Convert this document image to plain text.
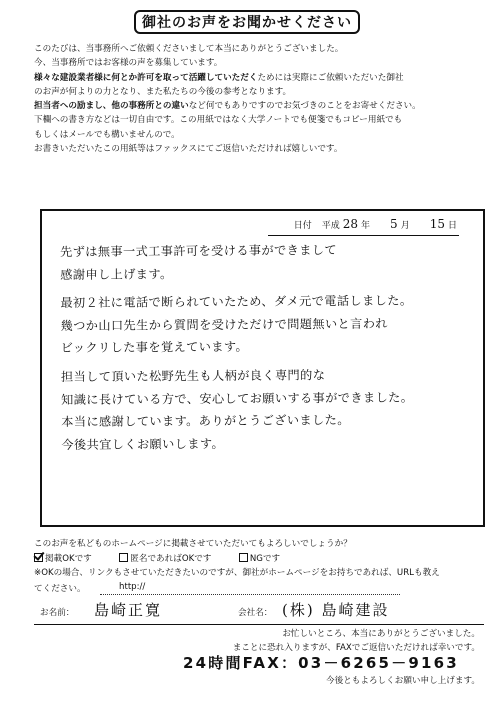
御社のお声をお聞かせください

このたびは、当事務所へご依頼くださいまして本当にありがとうございました。

今、当事務所ではお客様の声を募集しています。

様々な建設業者様に何とか許可を取って活躍していただくためには実際にご依頼いただいた御社

のお声が何よりの力となり、また私たちの今後の参考となります。

担当者への励まし、他の事務所との違いなど何でもありですのでお気づきのことをお寄せください。

下欄への書き方などは一切自由です。この用紙ではなく大学ノートでも便箋でもコピー用紙でも

もしくはメールでも構いませんので。

お書きいただいたこの用紙等はファックスにてご返信いただければ嬉しいです。

日付 平成 28 年 5 月 15 日
先ずは無事一式工事許可を受ける事ができまして
感謝申し上げます。
最初２社に電話で断られていたため、ダメ元で電話しました。
幾つか山口先生から質問を受けただけで問題無いと言われ
ビックリした事を覚えています。
担当して頂いた松野先生も人柄が良く専門的な
知識に長けている方で、安心してお願いする事ができました。
本当に感謝しています。ありがとうございました。
今後共宜しくお願いします。
このお声を私どものホームページに掲載させていただいてもよろしいでしょうか？
掲載OKです	匿名であればOKです	NGです
※OKの場合、リンクもさせていただきたいのですが、御社がホームページをお持ちであれば、URLも教え
てください。	http://
お名前： 島崎正寛	会社名： (株) 島崎建設
お忙しいところ、本当にありがとうございました。
まことに恐れ入りますが、FAXでご返信いただければ幸いです。
24時間FAX：03－6265－9163
今後ともよろしくお願い申し上げます。
